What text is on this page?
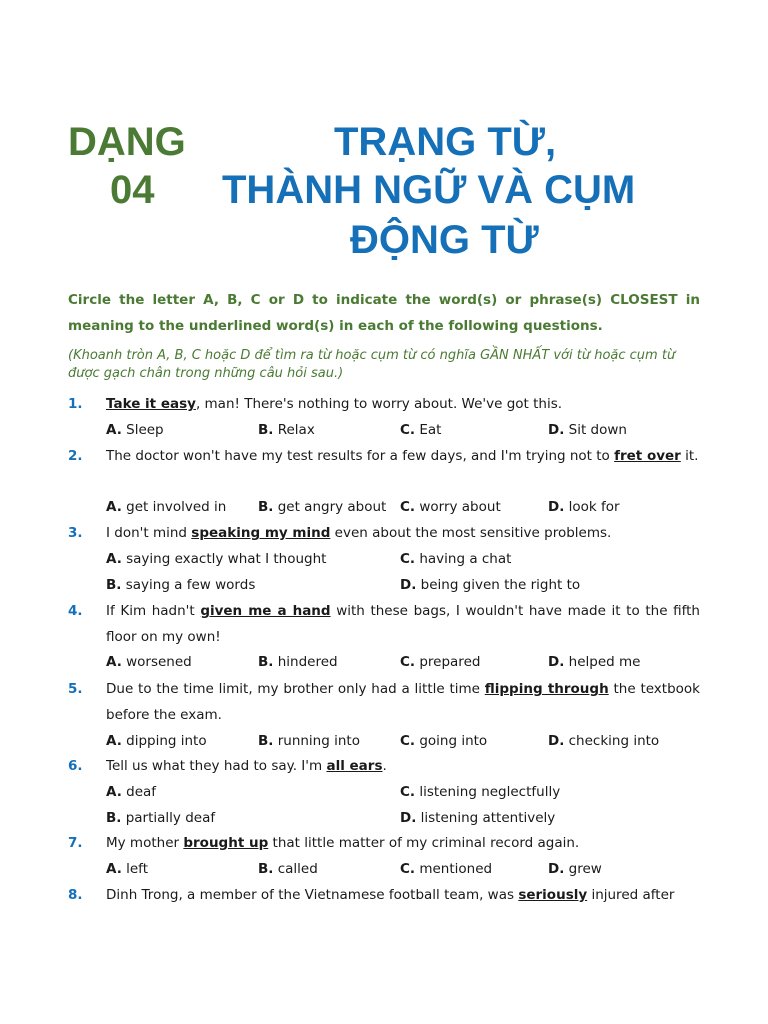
DẠNG
04
TRẠNG TỪ,
THÀNH NGỮ VÀ CỤM
ĐỘNG TỪ
Circle the letter A, B, C or D to indicate the word(s) or phrase(s) CLOSEST in meaning to the underlined word(s) in each of the following questions.
(Khoanh tròn A, B, C hoặc D để tìm ra từ hoặc cụm từ có nghĩa GẦN NHẤT với từ hoặc cụm từ được gạch chân trong những câu hỏi sau.)
1. Take it easy, man! There's nothing to worry about. We've got this.
A. Sleep	B. Relax	C. Eat	D. Sit down
2. The doctor won't have my test results for a few days, and I'm trying not to fret over it.
A. get involved in B. get angry about C. worry about	D. look for
3. I don't mind speaking my mind even about the most sensitive problems.
A. saying exactly what I thought	C. having a chat
B. saying a few words	D. being given the right to
4. If Kim hadn't given me a hand with these bags, I wouldn't have made it to the fifth floor on my own!
A. worsened	B. hindered	C. prepared	D. helped me
5. Due to the time limit, my brother only had a little time flipping through the textbook before the exam.
A. dipping into	B. running into	C. going into	D. checking into
6. Tell us what they had to say. I'm all ears.
A. deaf	C. listening neglectfully
B. partially deaf	D. listening attentively
7. My mother brought up that little matter of my criminal record again.
A. left	B. called	C. mentioned	D. grew
8. Dinh Trong, a member of the Vietnamese football team, was seriously injured after
